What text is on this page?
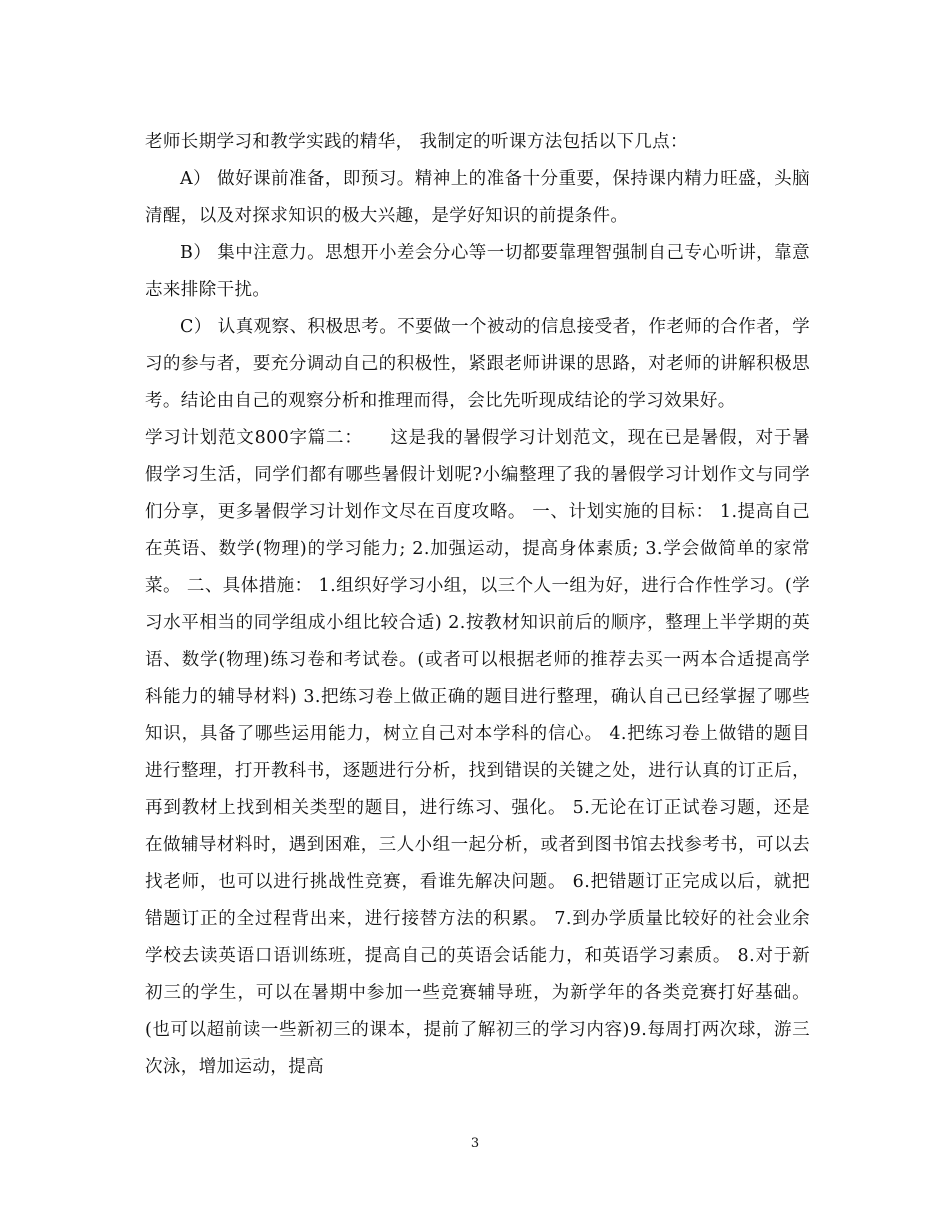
老师长期学习和教学实践的精华， 我制定的听课方法包括以下几点：

A） 做好课前准备，即预习。精神上的准备十分重要，保持课内精力旺盛，头脑清醒，以及对探求知识的极大兴趣，是学好知识的前提条件。

B） 集中注意力。思想开小差会分心等一切都要靠理智强制自己专心听讲，靠意志来排除干扰。

C） 认真观察、积极思考。不要做一个被动的信息接受者，作老师的合作者，学习的参与者，要充分调动自己的积极性，紧跟老师讲课的思路，对老师的讲解积极思考。结论由自己的观察分析和推理而得，会比先听现成结论的学习效果好。

学习计划范文800字篇二：　　这是我的暑假学习计划范文，现在已是暑假，对于暑假学习生活，同学们都有哪些暑假计划呢?小编整理了我的暑假学习计划作文与同学们分享，更多暑假学习计划作文尽在百度攻略。 一、计划实施的目标： 1.提高自己在英语、数学(物理)的学习能力; 2.加强运动，提高身体素质; 3.学会做简单的家常菜。 二、具体措施： 1.组织好学习小组，以三个人一组为好，进行合作性学习。(学习水平相当的同学组成小组比较合适) 2.按教材知识前后的顺序，整理上半学期的英语、数学(物理)练习卷和考试卷。(或者可以根据老师的推荐去买一两本合适提高学科能力的辅导材料) 3.把练习卷上做正确的题目进行整理，确认自己已经掌握了哪些知识，具备了哪些运用能力，树立自己对本学科的信心。 4.把练习卷上做错的题目进行整理，打开教科书，逐题进行分析，找到错误的关键之处，进行认真的订正后，再到教材上找到相关类型的题目，进行练习、强化。 5.无论在订正试卷习题，还是在做辅导材料时，遇到困难，三人小组一起分析，或者到图书馆去找参考书，可以去找老师，也可以进行挑战性竞赛，看谁先解决问题。 6.把错题订正完成以后，就把错题订正的全过程背出来，进行接替方法的积累。 7.到办学质量比较好的社会业余学校去读英语口语训练班，提高自己的英语会话能力，和英语学习素质。 8.对于新初三的学生，可以在暑期中参加一些竞赛辅导班，为新学年的各类竞赛打好基础。(也可以超前读一些新初三的课本，提前了解初三的学习内容)9.每周打两次球，游三次泳，增加运动，提高

3
